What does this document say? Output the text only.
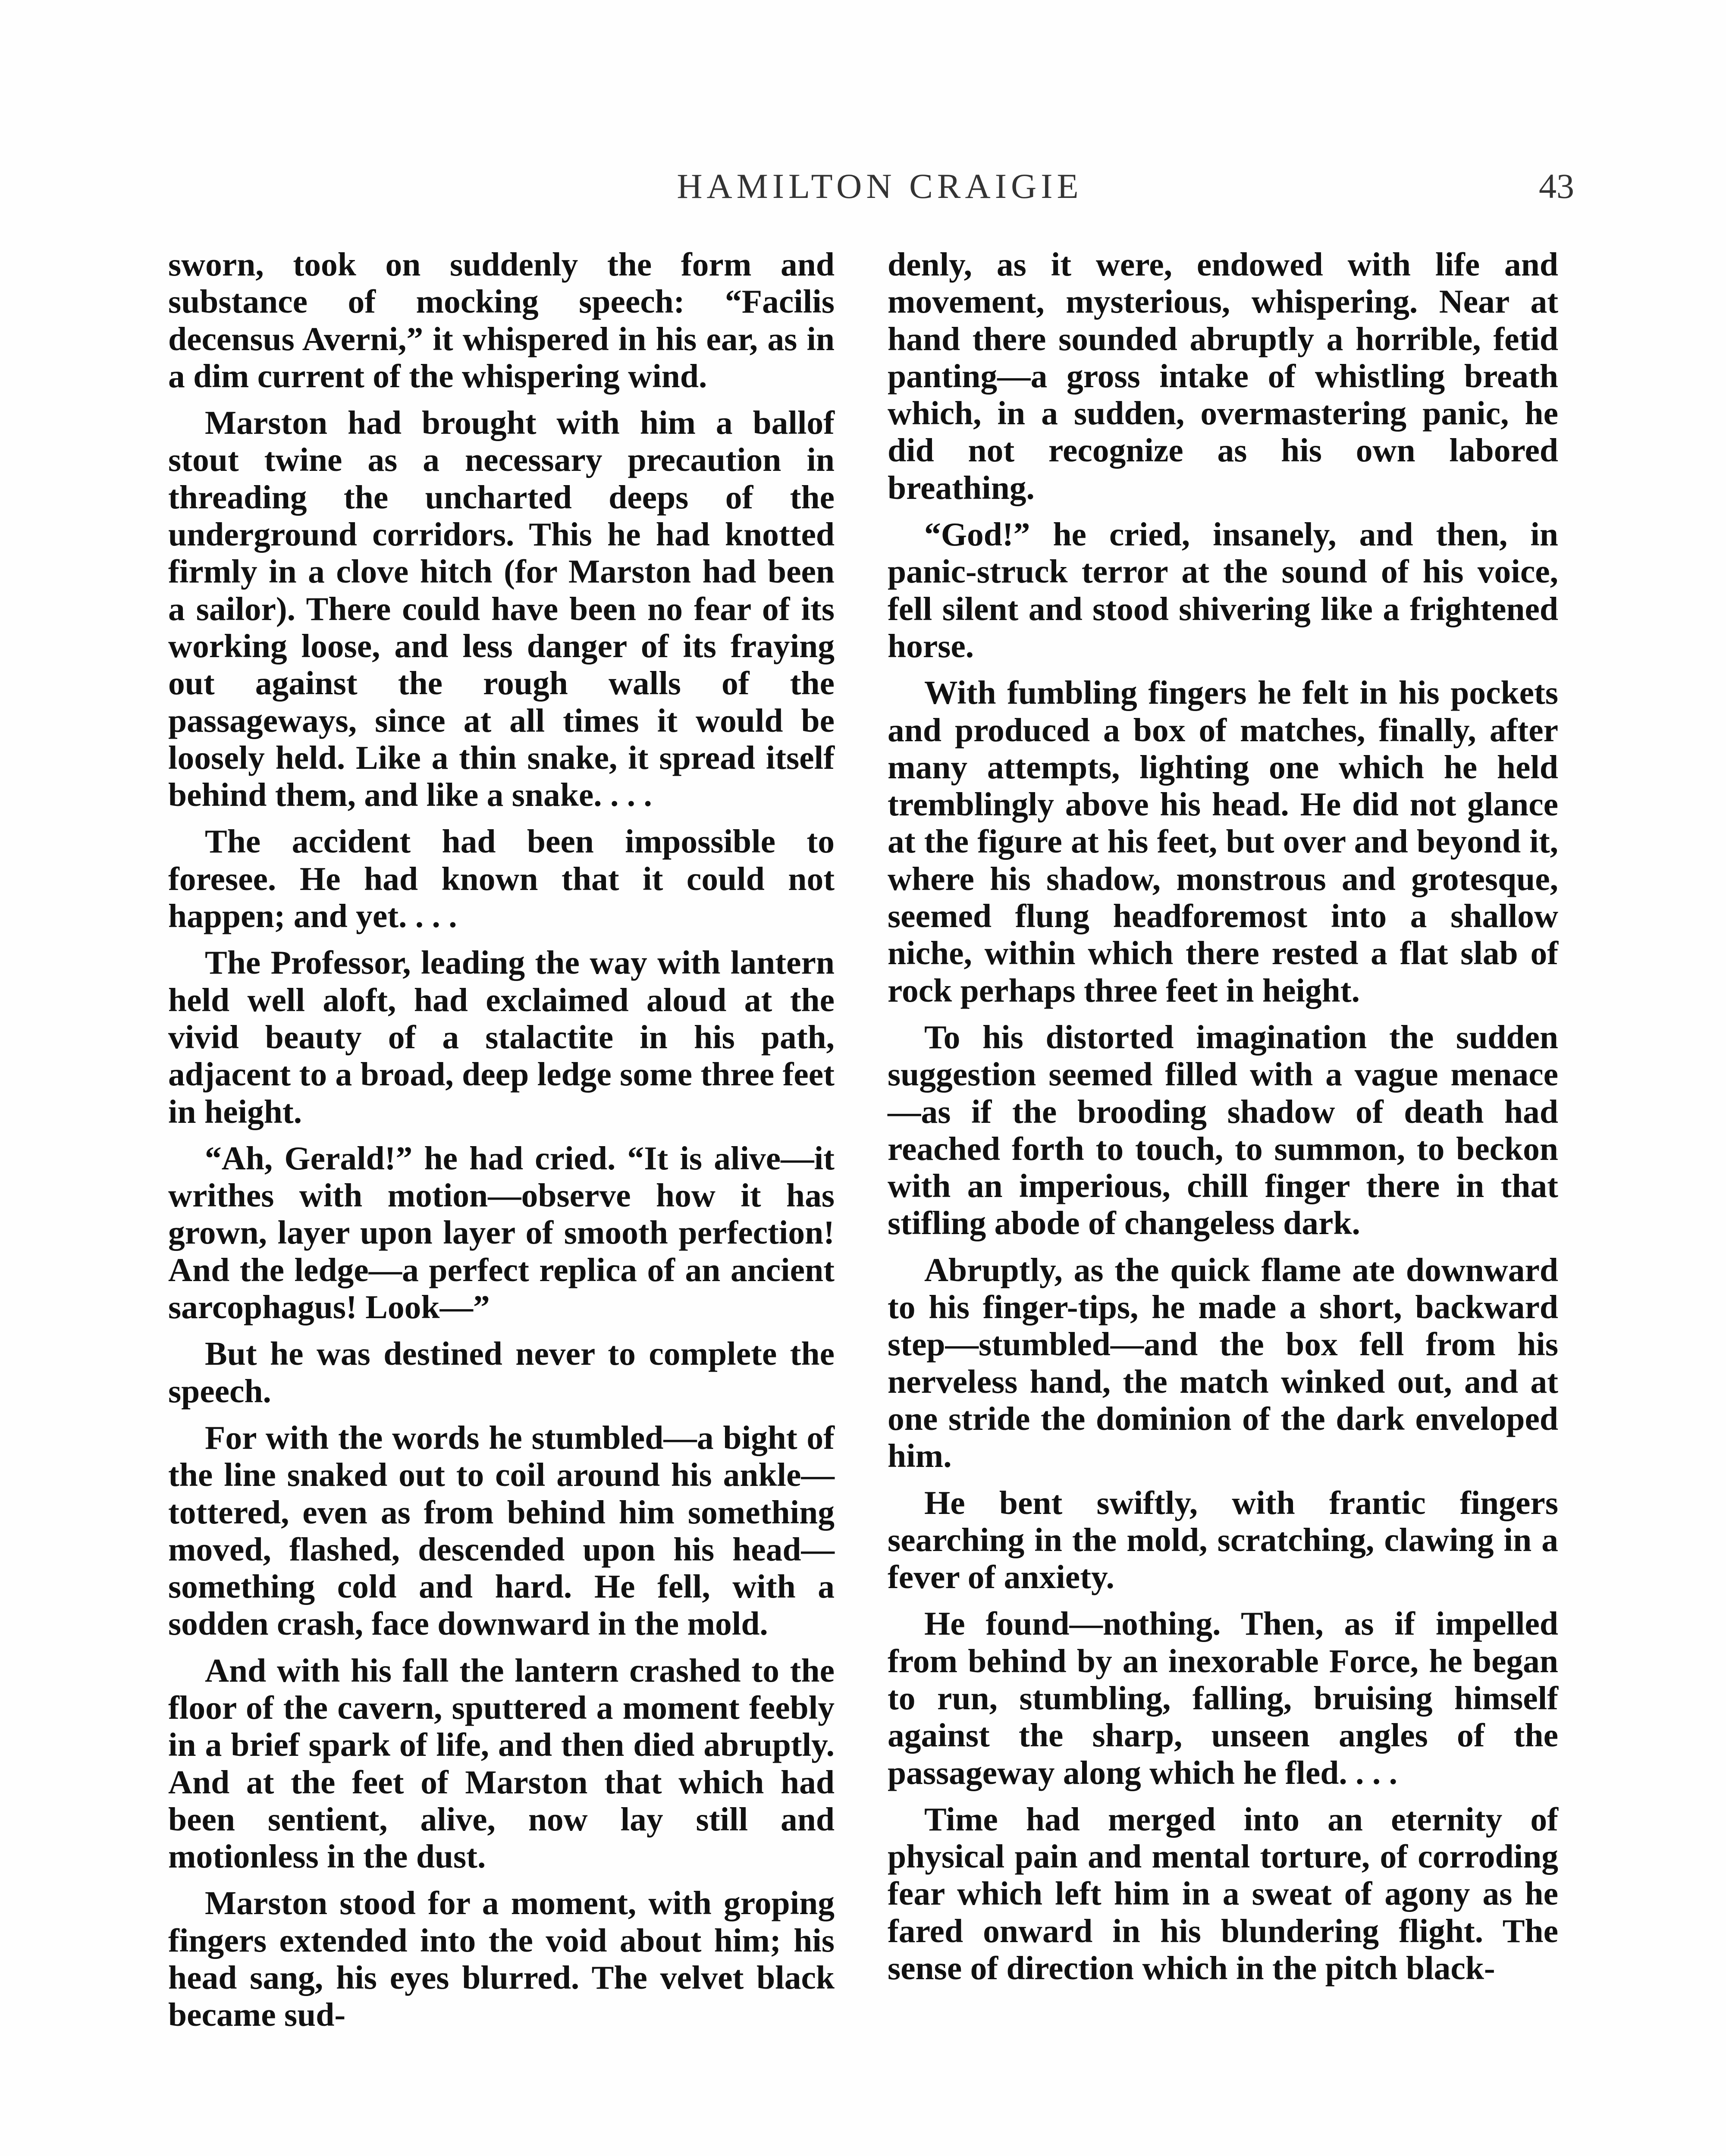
HAMILTON CRAIGIE	43

sworn, took on suddenly the form and substance of mocking speech: “Facilis decensus Averni,” it whispered in his ear, as in a dim current of the whispering wind.

Marston had brought with him a ballof stout twine as a necessary precaution in threading the uncharted deeps of the underground corridors. This he had knotted firmly in a clove hitch (for Marston had been a sailor). There could have been no fear of its working loose, and less danger of its fraying out against the rough walls of the passageways, since at all times it would be loosely held. Like a thin snake, it spread itself behind them, and like a snake. . . .

The accident had been impossible to foresee. He had known that it could not happen; and yet. . . .

The Professor, leading the way with lantern held well aloft, had exclaimed aloud at the vivid beauty of a stalactite in his path, adjacent to a broad, deep ledge some three feet in height.

“Ah, Gerald!” he had cried. “It is alive—it writhes with motion—observe how it has grown, layer upon layer of smooth perfection! And the ledge—a perfect replica of an ancient sarcophagus! Look—”

But he was destined never to complete the speech.

For with the words he stumbled—a bight of the line snaked out to coil around his ankle—tottered, even as from behind him something moved, flashed, descended upon his head—something cold and hard. He fell, with a sodden crash, face downward in the mold.

And with his fall the lantern crashed to the floor of the cavern, sputtered a moment feebly in a brief spark of life, and then died abruptly. And at the feet of Marston that which had been sentient, alive, now lay still and motionless in the dust.

Marston stood for a moment, with groping fingers extended into the void about him; his head sang, his eyes blurred. The velvet black became sud-

denly, as it were, endowed with life and movement, mysterious, whispering. Near at hand there sounded abruptly a horrible, fetid panting—a gross intake of whistling breath which, in a sudden, overmastering panic, he did not recognize as his own labored breathing.

“God!” he cried, insanely, and then, in panic-struck terror at the sound of his voice, fell silent and stood shivering like a frightened horse.

With fumbling fingers he felt in his pockets and produced a box of matches, finally, after many attempts, lighting one which he held tremblingly above his head. He did not glance at the figure at his feet, but over and beyond it, where his shadow, monstrous and grotesque, seemed flung headforemost into a shallow niche, within which there rested a flat slab of rock perhaps three feet in height.

To his distorted imagination the sudden suggestion seemed filled with a vague menace—as if the brooding shadow of death had reached forth to touch, to summon, to beckon with an imperious, chill finger there in that stifling abode of changeless dark.

Abruptly, as the quick flame ate downward to his finger-tips, he made a short, backward step—stumbled—and the box fell from his nerveless hand, the match winked out, and at one stride the dominion of the dark enveloped him.

He bent swiftly, with frantic fingers searching in the mold, scratching, clawing in a fever of anxiety.

He found—nothing. Then, as if impelled from behind by an inexorable Force, he began to run, stumbling, falling, bruising himself against the sharp, unseen angles of the passageway along which he fled. . . .

Time had merged into an eternity of physical pain and mental torture, of corroding fear which left him in a sweat of agony as he fared onward in his blundering flight. The sense of direction which in the pitch black-
